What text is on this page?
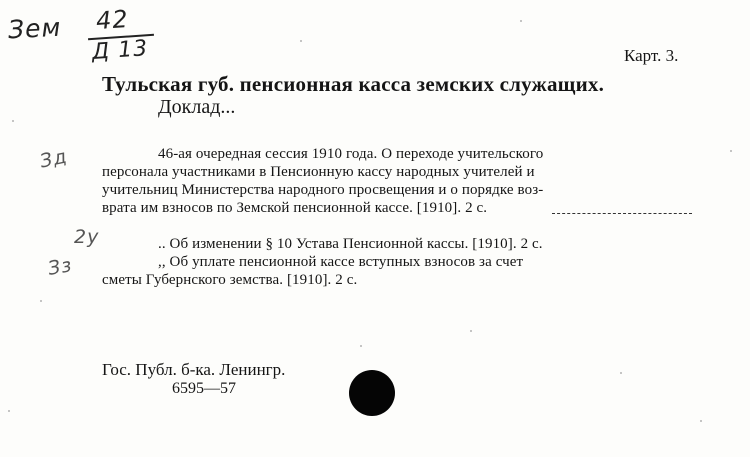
Зем 42
Д 13	Карт. 3.
Тульская губ. пенсионная касса земских служащих.
Доклад...
Зд
2у
Зз
46-ая очередная сессия 1910 года. О переходе учительского
персонала участниками в Пенсионную кассу народных учителей и
учительниц Министерства народного просвещения и о порядке воз-
врата им взносов по Земской пенсионной кассе. [1910]. 2 с.
.. Об изменении § 10 Устава Пенсионной кассы. [1910]. 2 с.
,, Об уплате пенсионной кассе вступных взносов за счет
сметы Губернского земства. [1910]. 2 с.
Гос. Публ. б-ка. Ленингр.
6595—57
